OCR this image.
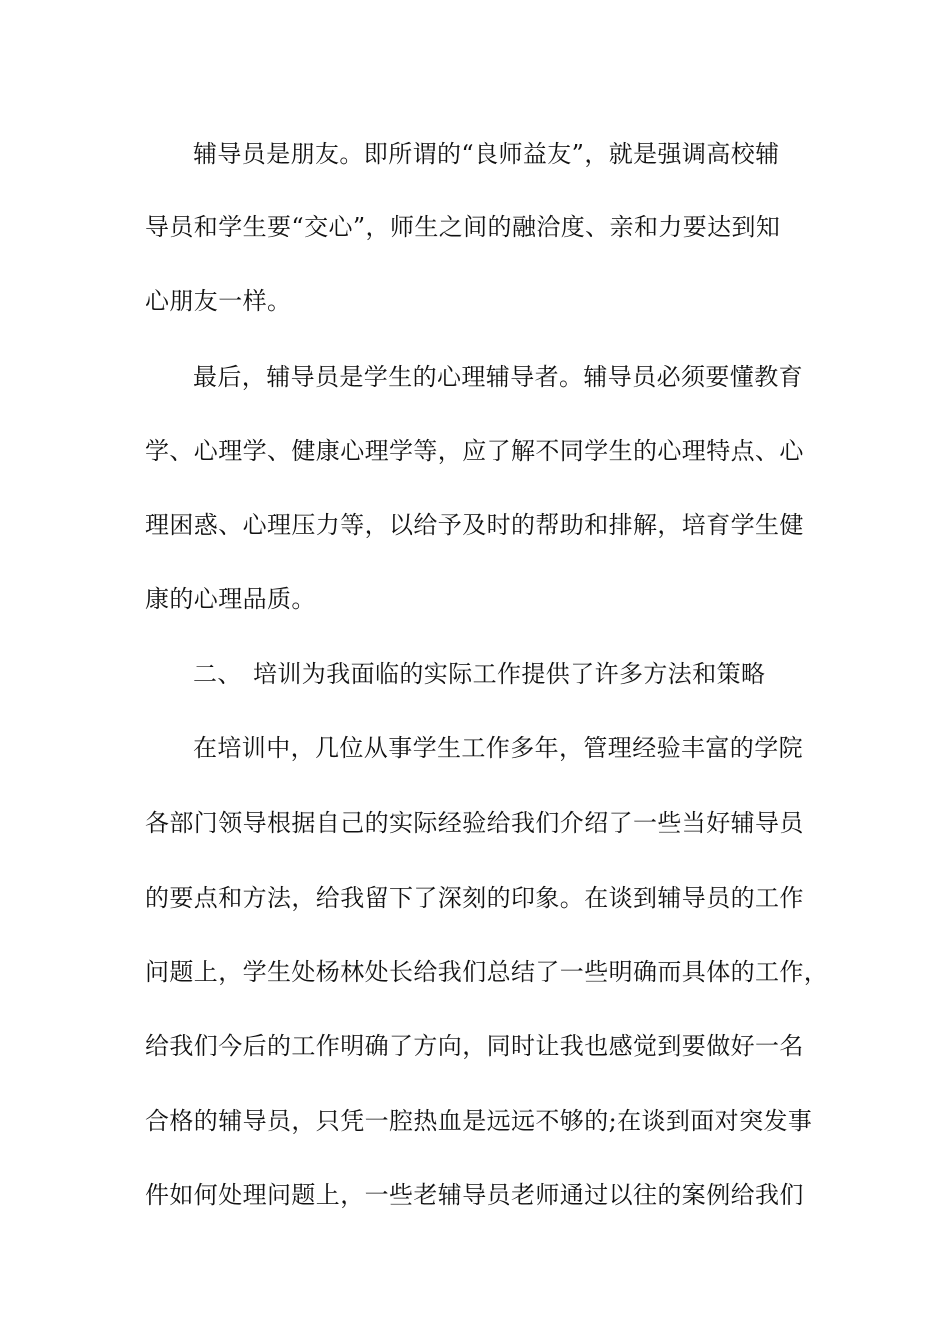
辅导员是朋友。即所谓的“良师益友”，就是强调高校辅
导员和学生要“交心”，师生之间的融洽度、亲和力要达到知
心朋友一样。
最后，辅导员是学生的心理辅导者。辅导员必须要懂教育
学、心理学、健康心理学等，应了解不同学生的心理特点、心
理困惑、心理压力等，以给予及时的帮助和排解，培育学生健
康的心理品质。
二、 培训为我面临的实际工作提供了许多方法和策略
在培训中，几位从事学生工作多年，管理经验丰富的学院
各部门领导根据自己的实际经验给我们介绍了一些当好辅导员
的要点和方法，给我留下了深刻的印象。在谈到辅导员的工作
问题上，学生处杨林处长给我们总结了一些明确而具体的工作，
给我们今后的工作明确了方向，同时让我也感觉到要做好一名
合格的辅导员，只凭一腔热血是远远不够的;在谈到面对突发事
件如何处理问题上，一些老辅导员老师通过以往的案例给我们
